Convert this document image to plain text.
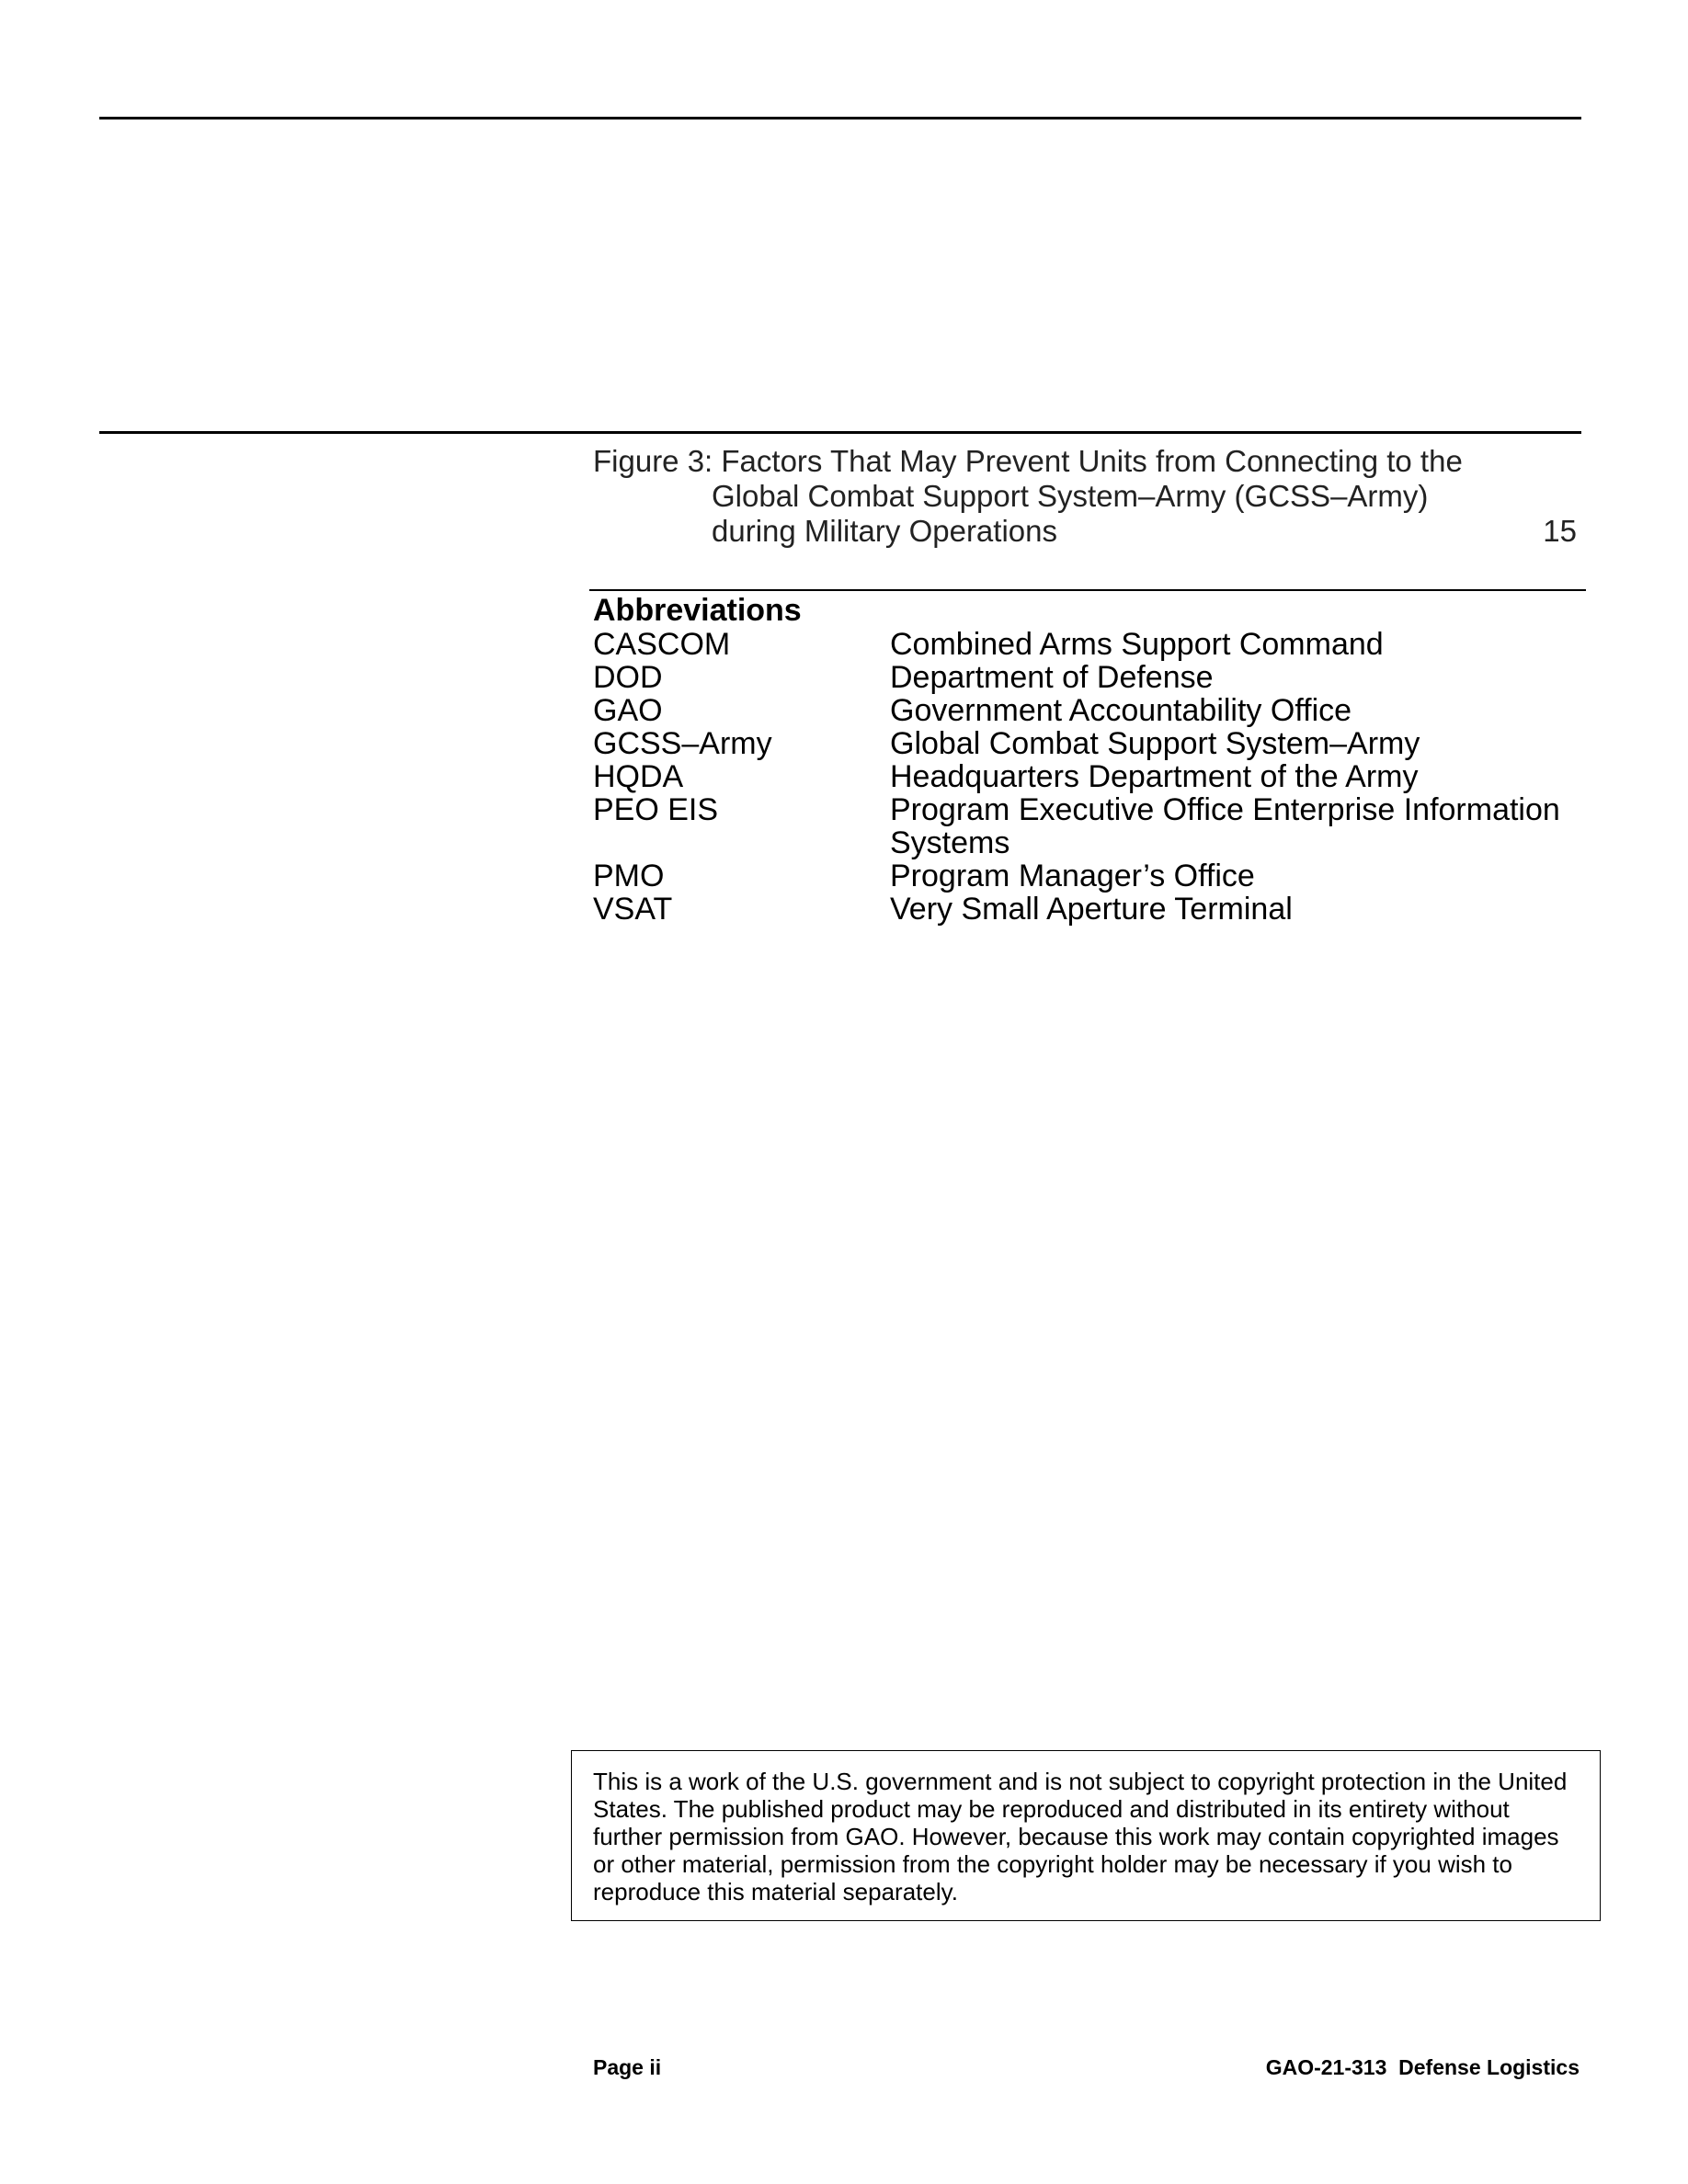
Figure 3: Factors That May Prevent Units from Connecting to the
Global Combat Support System–Army (GCSS–Army)
during Military Operations	15
Abbreviations
CASCOM	Combined Arms Support Command
DOD	Department of Defense
GAO	Government Accountability Office
GCSS–Army	Global Combat Support System–Army
HQDA	Headquarters Department of the Army
PEO EIS	Program Executive Office Enterprise Information Systems
PMO	Program Manager’s Office
VSAT	Very Small Aperture Terminal
This is a work of the U.S. government and is not subject to copyright protection in the United States. The published product may be reproduced and distributed in its entirety without further permission from GAO. However, because this work may contain copyrighted images or other material, permission from the copyright holder may be necessary if you wish to reproduce this material separately.
Page ii	GAO-21-313  Defense Logistics
